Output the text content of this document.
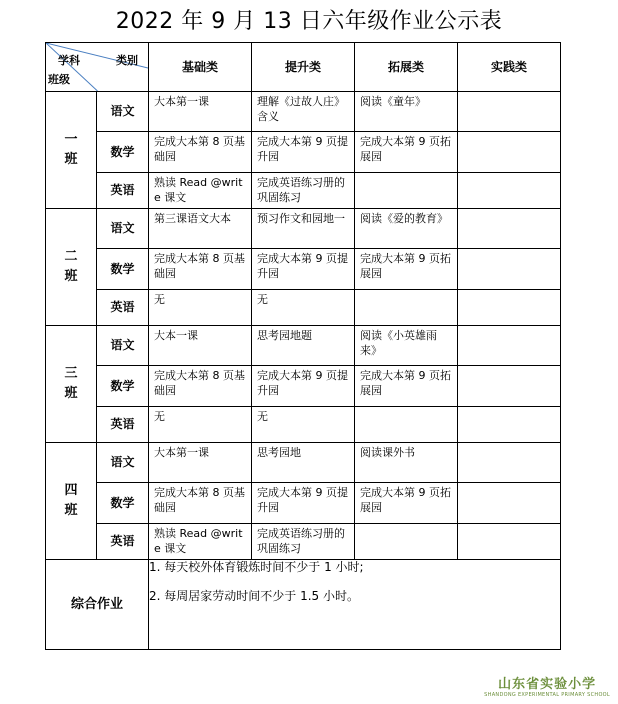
2022 年 9 月 13 日六年级作业公示表
学科 类别
班级		基础类	提升类	拓展类	实践类

一
班	语文	大本第一课	理解《过故人庄》含义	阅读《童年》	

	数学	完成大本第 8 页基础园	完成大本第 9 页提升园	完成大本第 9 页拓展园	

	英语	熟读 Read @write 课文	完成英语练习册的巩固练习		

二
班	语文	第三课语文大本	预习作文和园地一	阅读《爱的教育》	

	数学	完成大本第 8 页基础园	完成大本第 9 页提升园	完成大本第 9 页拓展园	

	英语	无	无		

三
班	语文	大本一课	思考园地题	阅读《小英雄雨来》	

	数学	完成大本第 8 页基础园	完成大本第 9 页提升园	完成大本第 9 页拓展园	

	英语	无	无		

四
班	语文	大本第一课	思考园地	阅读课外书	

	数学	完成大本第 8 页基础园	完成大本第 9 页提升园	完成大本第 9 页拓展园	

	英语	熟读 Read @write 课文	完成英语练习册的巩固练习		

综合作业		1. 每天校外体育锻炼时间不少于 1 小时;

2. 每周居家劳动时间不少于 1.5 小时。			

山东省实验小学
SHANDONG EXPERIMENTAL PRIMARY SCHOOL
